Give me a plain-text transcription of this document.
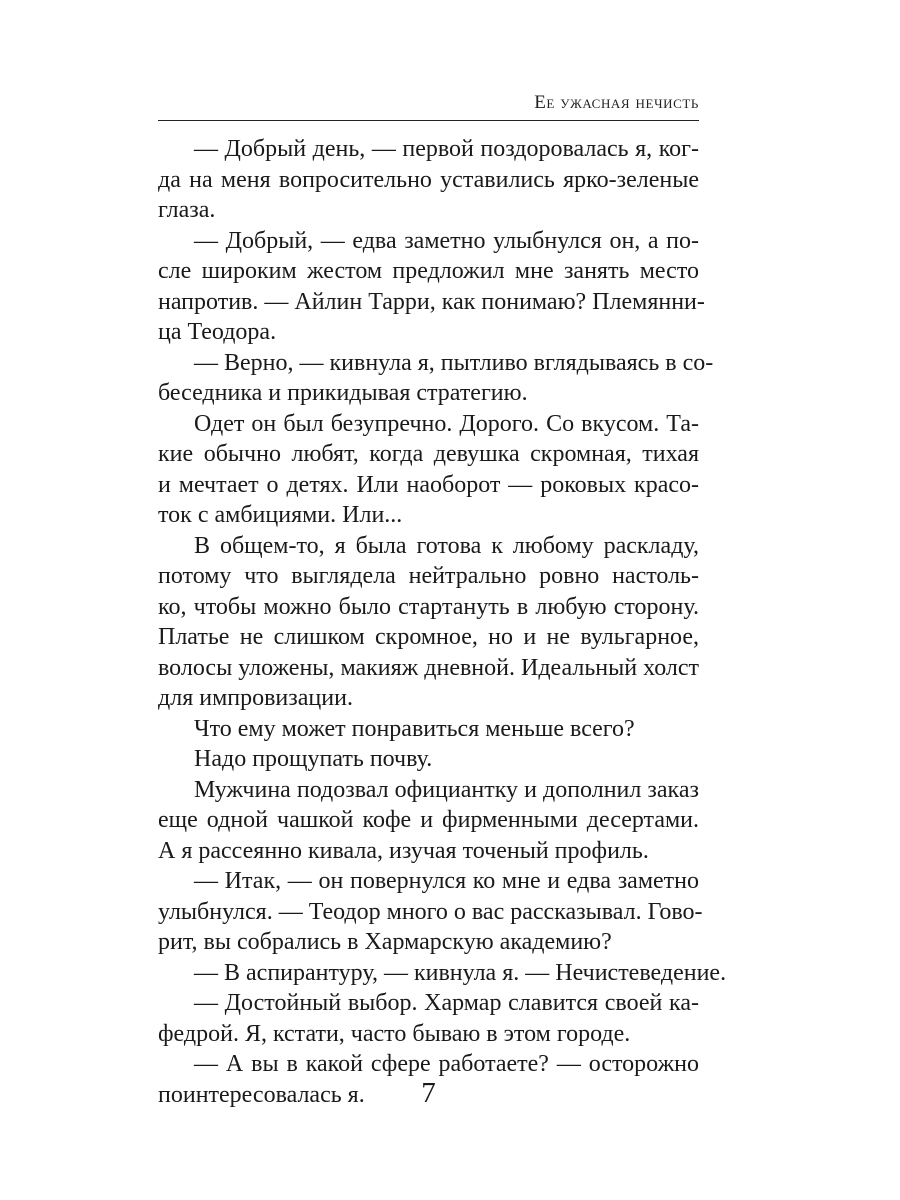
Ее ужасная нечисть
— Добрый день, — первой поздоровалась я, ког-
да на меня вопросительно уставились ярко-зеленые
глаза.
— Добрый, — едва заметно улыбнулся он, а по-
сле широким жестом предложил мне занять место
напротив. — Айлин Тарри, как понимаю? Племянни-
ца Теодора.
— Верно, — кивнула я, пытливо вглядываясь в со-
беседника и прикидывая стратегию.
Одет он был безупречно. Дорого. Со вкусом. Та-
кие обычно любят, когда девушка скромная, тихая
и мечтает о детях. Или наоборот — роковых красо-
ток с амбициями. Или...
В общем-то, я была готова к любому раскладу,
потому что выглядела нейтрально ровно настоль-
ко, чтобы можно было стартануть в любую сторону.
Платье не слишком скромное, но и не вульгарное,
волосы уложены, макияж дневной. Идеальный холст
для импровизации.
Что ему может понравиться меньше всего?
Надо прощупать почву.
Мужчина подозвал официантку и дополнил заказ
еще одной чашкой кофе и фирменными десертами.
А я рассеянно кивала, изучая точеный профиль.
— Итак, — он повернулся ко мне и едва заметно
улыбнулся. — Теодор много о вас рассказывал. Гово-
рит, вы собрались в Хармарскую академию?
— В аспирантуру, — кивнула я. — Нечистеведение.
— Достойный выбор. Хармар славится своей ка-
федрой. Я, кстати, часто бываю в этом городе.
— А вы в какой сфере работаете? — осторожно
поинтересовалась я.	7
